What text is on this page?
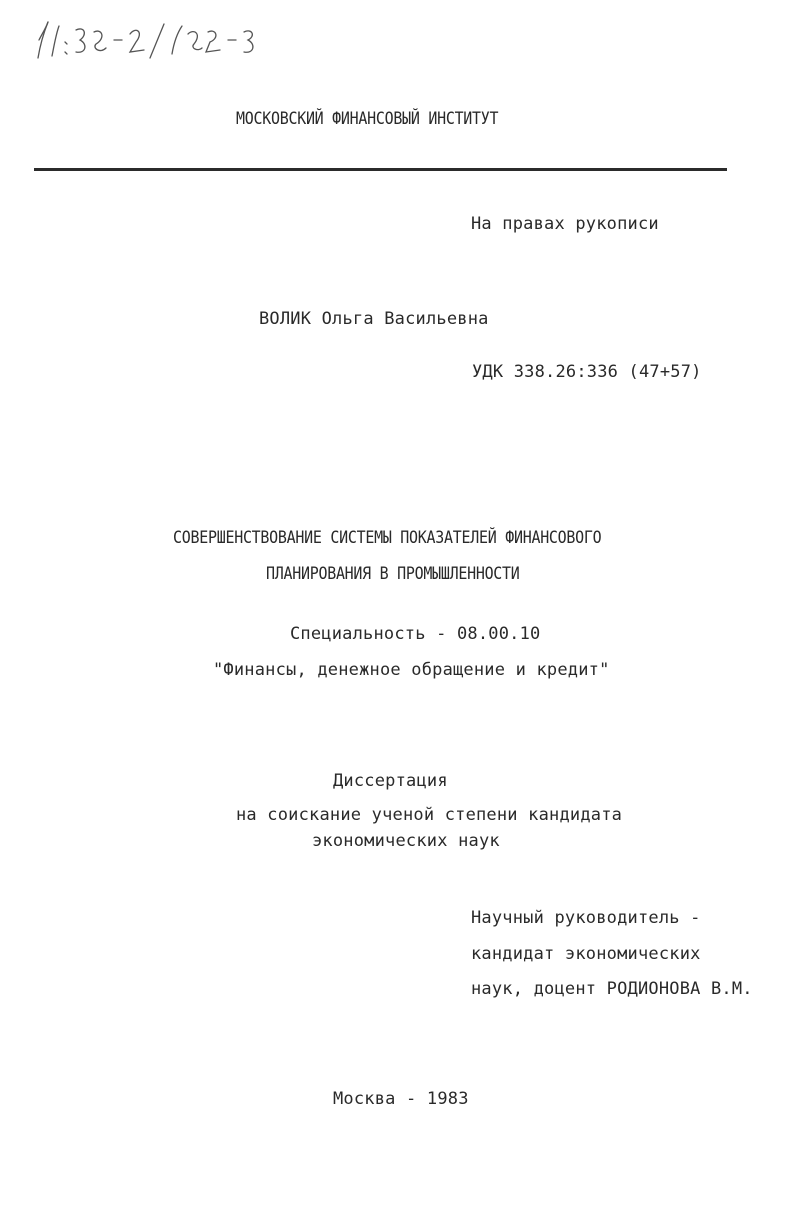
МОСКОВСКИЙ ФИНАНСОВЫЙ ИНСТИТУТ
На правах рукописи
ВОЛИК Ольга Васильевна
УДК 338.26:336 (47+57)
СОВЕРШЕНСТВОВАНИЕ СИСТЕМЫ ПОКАЗАТЕЛЕЙ ФИНАНСОВОГО
ПЛАНИРОВАНИЯ В ПРОМЫШЛЕННОСТИ
Специальность - 08.00.10
"Финансы, денежное обращение и кредит"
Диссертация
на соискание ученой степени кандидата
экономических наук
Научный руководитель -
кандидат экономических
наук, доцент РОДИОНОВА В.М.
Москва - 1983
